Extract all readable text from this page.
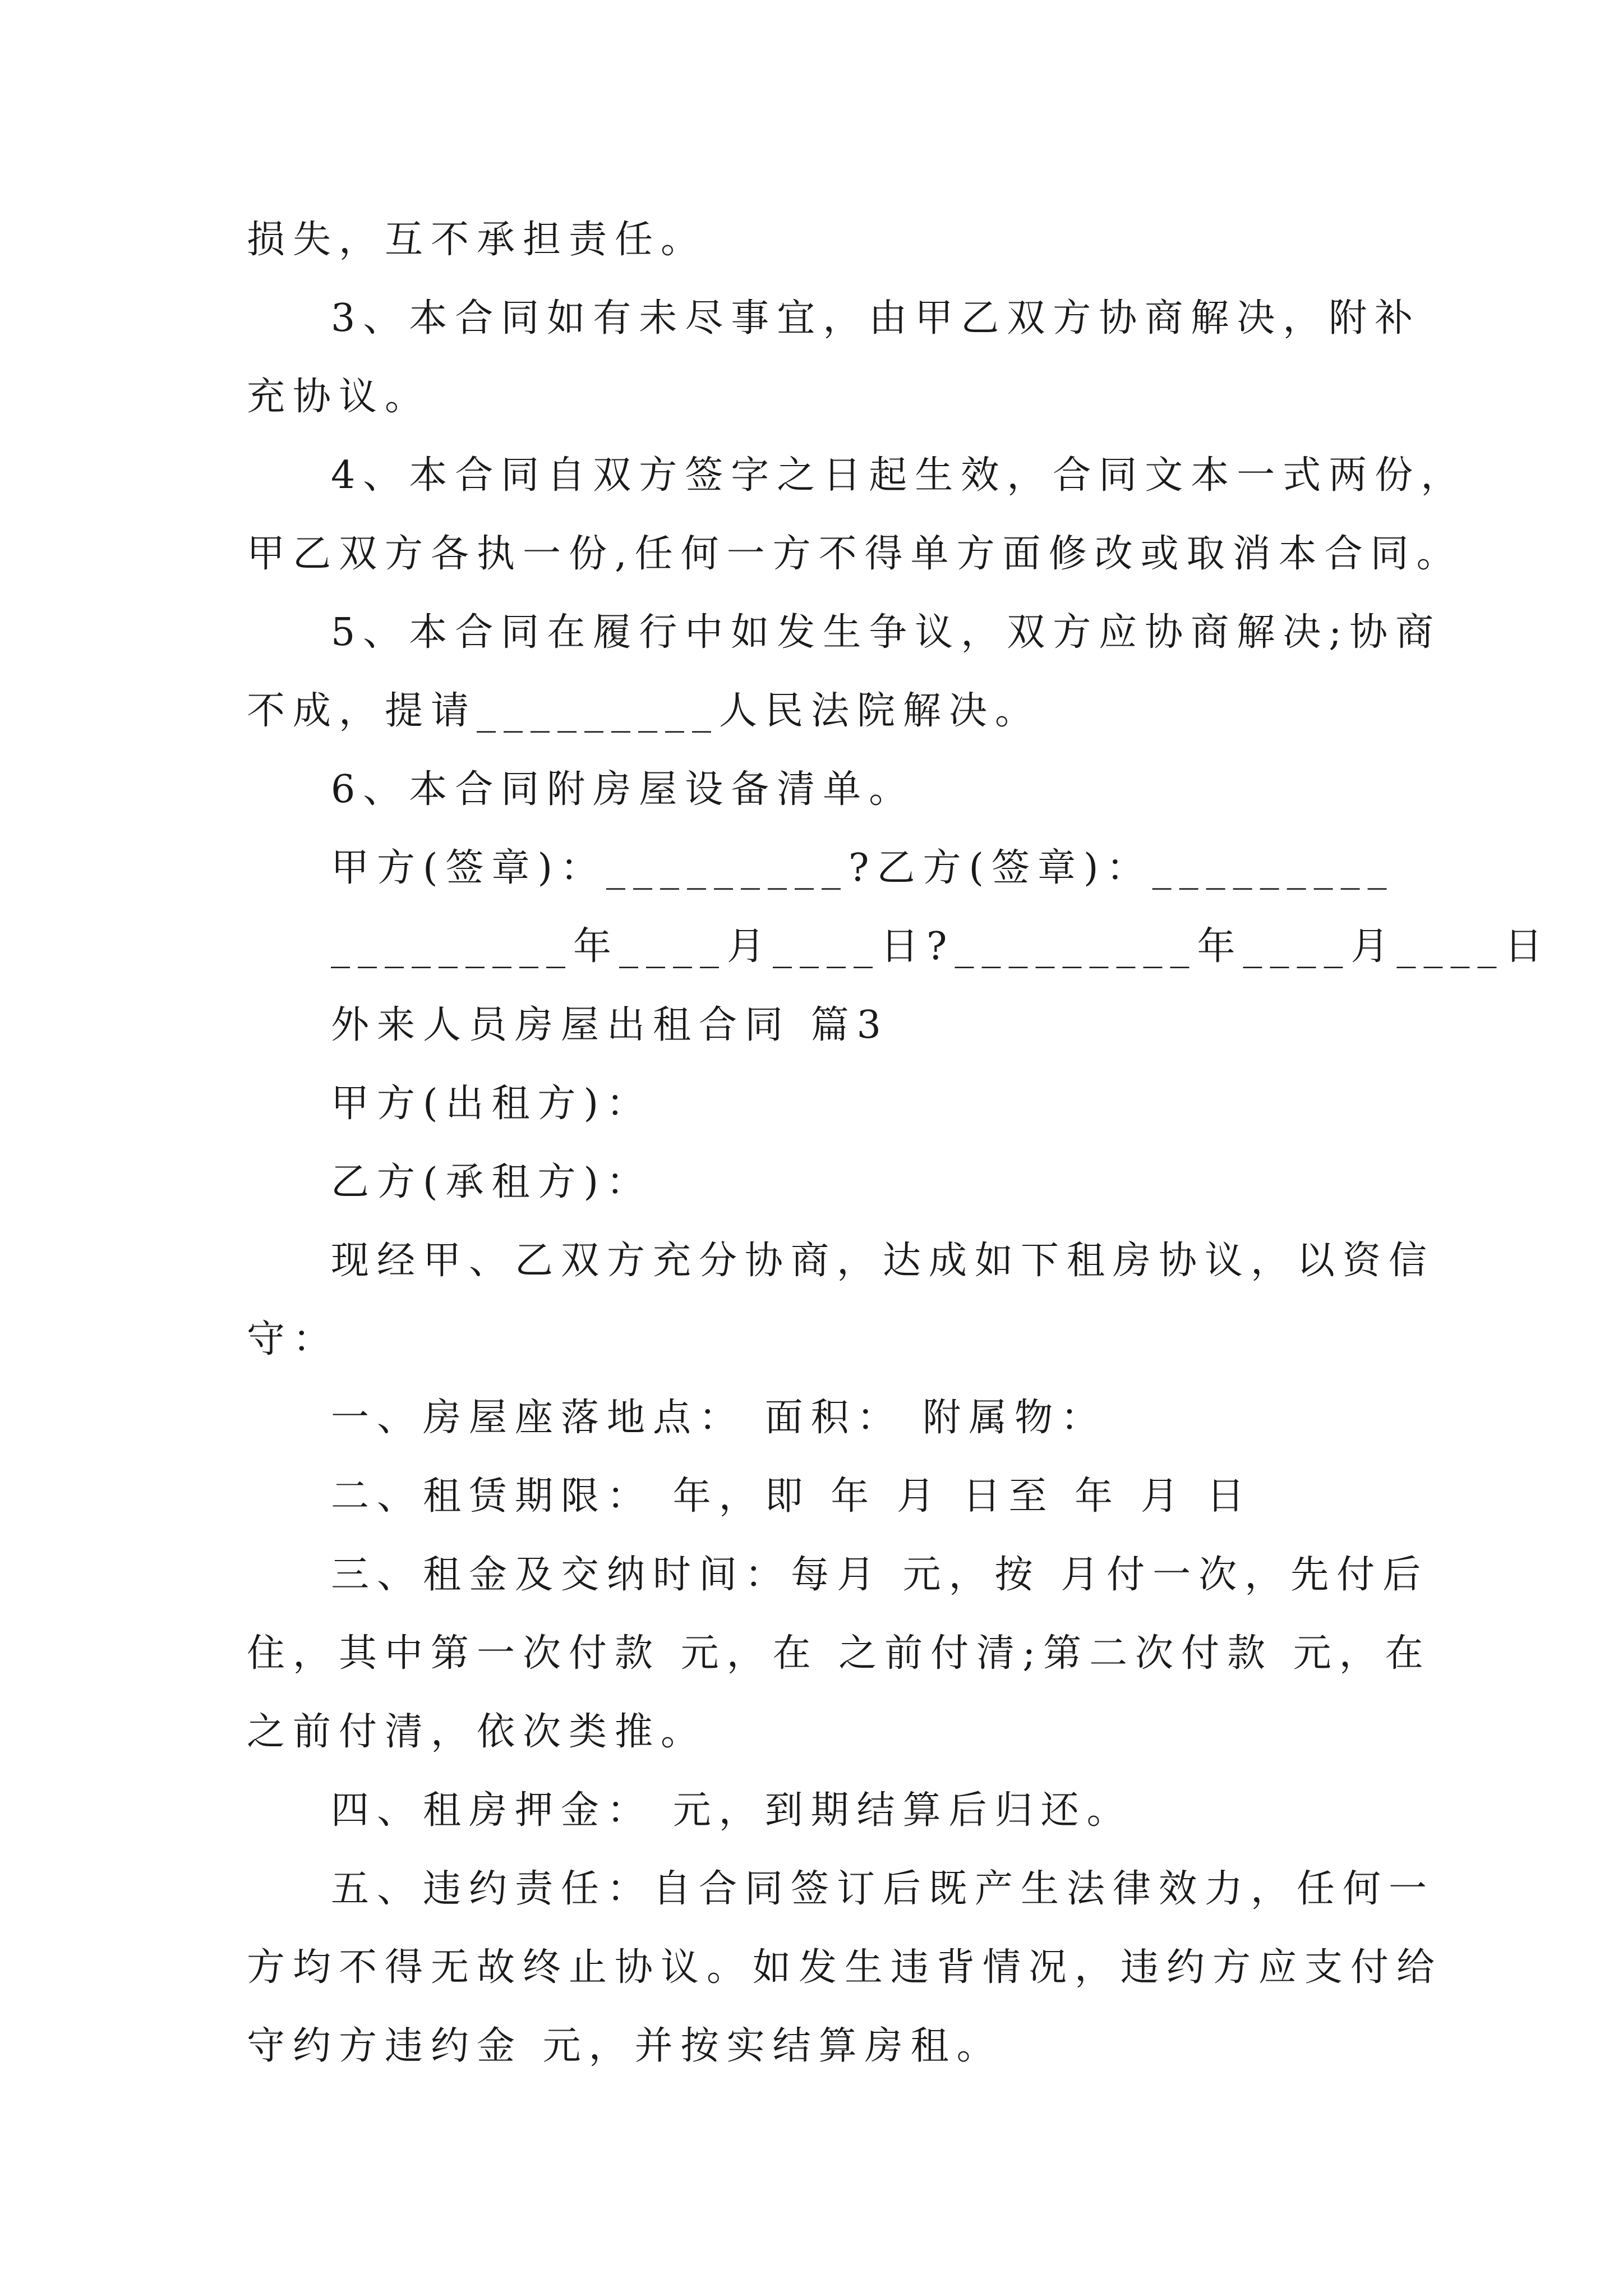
损失，互不承担责任。

3、本合同如有未尽事宜，由甲乙双方协商解决，附补

充协议。

4、本合同自双方签字之日起生效，合同文本一式两份，

甲乙双方各执一份,任何一方不得单方面修改或取消本合同。

5、本合同在履行中如发生争议，双方应协商解决;协商

不成，提请_________人民法院解决。

6、本合同附房屋设备清单。

甲方(签章)：_________?乙方(签章)：_________

_________年____月____日?_________年____月____日

外来人员房屋出租合同 篇3

甲方(出租方)：

乙方(承租方)：

现经甲、乙双方充分协商，达成如下租房协议，以资信

守：

一、房屋座落地点： 面积： 附属物：

二、租赁期限： 年，即 年 月 日至 年 月 日

三、租金及交纳时间：每月 元，按 月付一次，先付后

住，其中第一次付款 元，在 之前付清;第二次付款 元，在

之前付清，依次类推。

四、租房押金： 元，到期结算后归还。

五、违约责任：自合同签订后既产生法律效力，任何一

方均不得无故终止协议。如发生违背情况，违约方应支付给

守约方违约金 元，并按实结算房租。
